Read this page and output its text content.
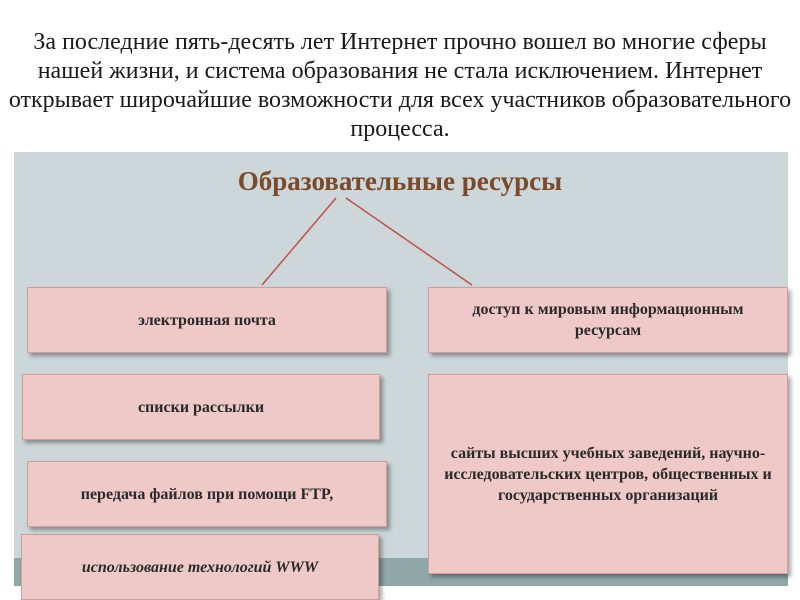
За последние пять-десять лет Интернет прочно вошел во многие сферы нашей жизни, и система образования не стала исключением. Интернет открывает широчайшие возможности для всех участников образовательного процесса.

Образовательные ресурсы

электронная почта
списки рассылки
передача файлов при помощи FTP,
использование технологий WWW
доступ к мировым информационным ресурсам
сайты высших учебных заведений, научно-исследовательских центров, общественных и государственных организаций
